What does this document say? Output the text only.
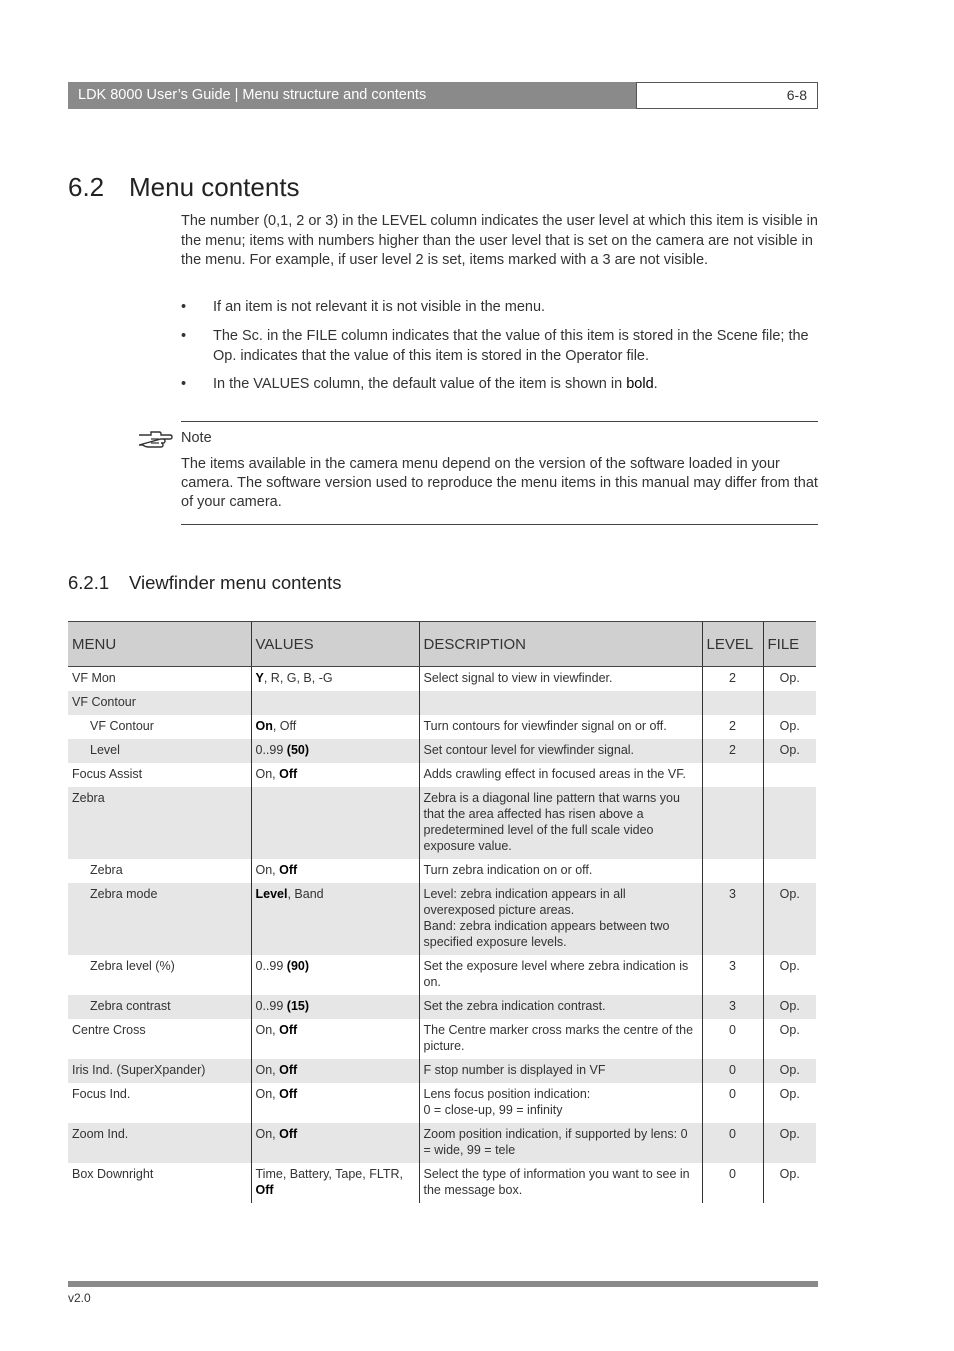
LDK 8000 User’s Guide | Menu structure and contents	6-8
6.2 Menu contents
The number (0,1, 2 or 3) in the LEVEL column indicates the user level at which this item is visible in the menu; items with numbers higher than the user level that is set on the camera are not visible in the menu. For example, if user level 2 is set, items marked with a 3 are not visible.
• If an item is not relevant it is not visible in the menu.
• The Sc. in the FILE column indicates that the value of this item is stored in the Scene file; the Op. indicates that the value of this item is stored in the Operator file.
• In the VALUES column, the default value of the item is shown in bold.
Note
The items available in the camera menu depend on the version of the software loaded in your camera. The software version used to reproduce the menu items in this manual may differ from that of your camera.
6.2.1 Viewfinder menu contents
MENU	VALUES	DESCRIPTION	LEVEL	FILE
VF Mon	Y, R, G, B, -G	Select signal to view in viewfinder.	2	Op.
VF Contour		

VF Contour	On, Off	Turn contours for viewfinder signal on or off.	2	Op.
Level	0..99 (50)	Set contour level for viewfinder signal.	2	Op.
Focus Assist	On, Off	Adds crawling effect in focused areas in the VF.		

Zebra		Zebra is a diagonal line pattern that warns you that the area affected has risen above a predetermined level of the full scale video exposure value.		

Zebra	On, Off	Turn zebra indication on or off.		

Zebra mode	Level, Band	Level: zebra indication appears in all overexposed picture areas.
Band: zebra indication appears between two specified exposure levels.	3	Op.
Zebra level (%)	0..99 (90)	Set the exposure level where zebra indication is on.	3	Op.
Zebra contrast	0..99 (15)	Set the zebra indication contrast.	3	Op.
Centre Cross	On, Off	The Centre marker cross marks the centre of the picture.	0	Op.
Iris Ind. (SuperXpander)	On, Off	F stop number is displayed in VF	0	Op.
Focus Ind.	On, Off	Lens focus position indication:
0 = close-up, 99 = infinity	0	Op.
Zoom Ind.	On, Off	Zoom position indication, if supported by lens: 0 = wide, 99 = tele	0	Op.
Box Downright	Time, Battery, Tape, FLTR, Off	Select the type of information you want to see in the message box.	0	Op.
v2.0
